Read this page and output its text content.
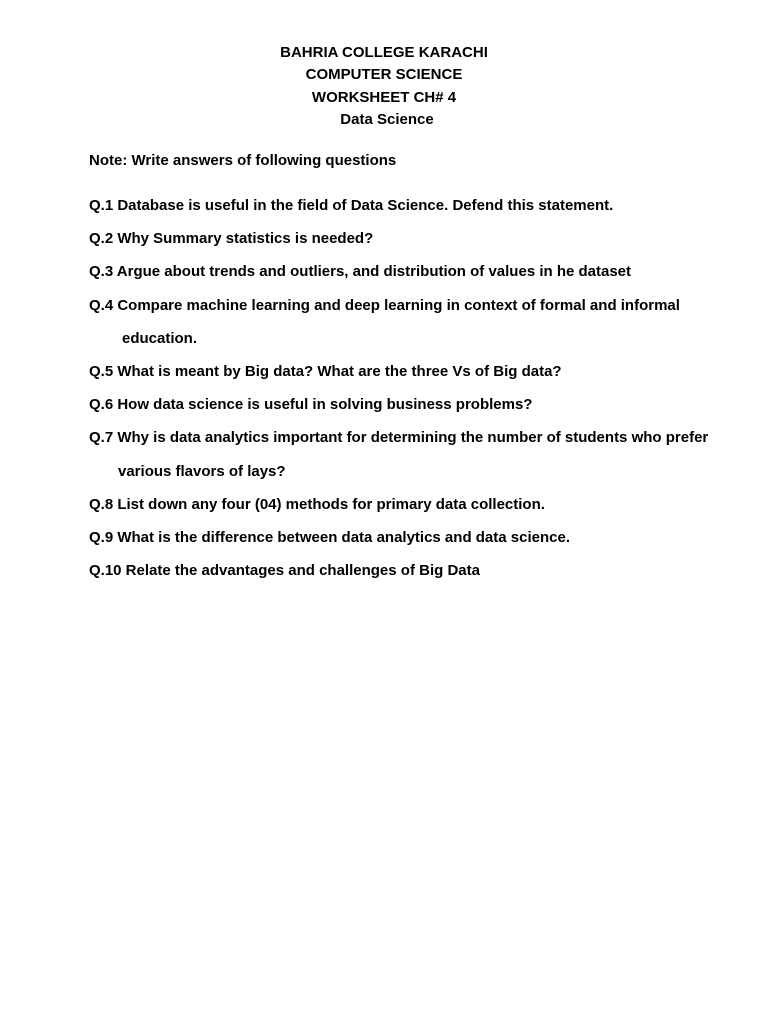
BAHRIA COLLEGE KARACHI
COMPUTER SCIENCE
WORKSHEET CH# 4
Data Science
Note: Write answers of following questions
Q.1 Database is useful in the field of Data Science. Defend this statement.
Q.2 Why Summary statistics is needed?
Q.3 Argue about trends and outliers, and distribution of values in he dataset
Q.4 Compare machine learning and deep learning in context of formal and informal
education.
Q.5 What is meant by Big data? What are the three Vs of Big data?
Q.6 How data science is useful in solving business problems?
Q.7 Why is data analytics important for determining the number of students who prefer
various flavors of lays?
Q.8 List down any four (04) methods for primary data collection.
Q.9 What is the difference between data analytics and data science.
Q.10 Relate the advantages and challenges of Big Data
